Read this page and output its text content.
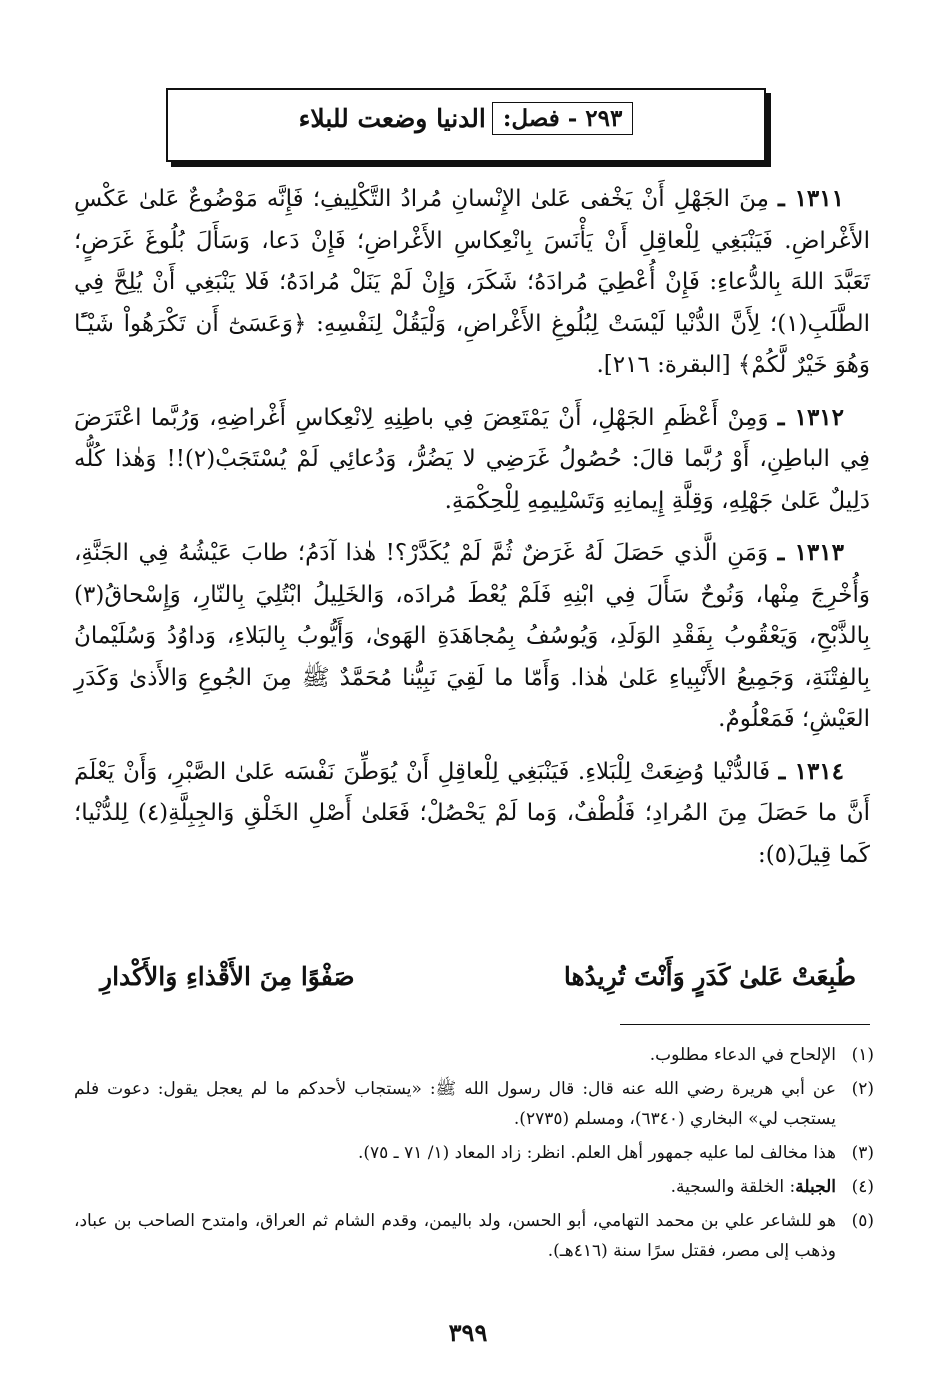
٢٩٣ - فصل:
الدنيا وضعت للبلاء

١٣١١ ـ مِنَ الجَهْلِ أَنْ يَخْفى عَلىٰ الإِنْسانِ مُرادُ التَّكْلِيفِ؛ فَإِنَّه مَوْضُوعٌ عَلىٰ عَكْسِ الأَغْراضِ. فَيَنْبَغِي لِلْعاقِلِ أَنْ يَأْنَسَ بِانْعِكاسِ الأَغْراضِ؛ فَإِنْ دَعا، وَسَأَلَ بُلُوغَ غَرَضٍ؛ تَعَبَّدَ اللهَ بِالدُّعاءِ: فَإِنْ أُعْطِيَ مُرادَهُ؛ شَكَرَ، وَإِنْ لَمْ يَنَلْ مُرادَهُ؛ فَلا يَنْبَغِي أَنْ يُلِحَّ فِي الطَّلَبِ(١)؛ لِأَنَّ الدُّنْيا لَيْسَتْ لِبُلُوغِ الأَغْراضِ، وَلْيَقُلْ لِنَفْسِهِ: ﴿وَعَسَىٰٓ أَن تَكْرَهُواْ شَيْـًٔا وَهُوَ خَيْرٌ لَّكُمْ﴾ [البقرة: ٢١٦].

١٣١٢ ـ وَمِنْ أَعْظَمِ الجَهْلِ، أَنْ يَمْتَعِضَ فِي باطِنِهِ لِانْعِكاسِ أَغْراضِهِ، وَرُبَّما اعْتَرَضَ فِي الباطِنِ، أَوْ رُبَّما قالَ: حُصُولُ غَرَضِي لا يَضُرُّ، وَدُعائِي لَمْ يُسْتَجَبْ(٢)!! وَهٰذا كُلُّه دَلِيلٌ عَلىٰ جَهْلِهِ، وَقِلَّةِ إِيمانِهِ وَتَسْلِيمِهِ لِلْحِكْمَةِ.

١٣١٣ ـ وَمَنِ الَّذي حَصَلَ لَهُ غَرَضٌ ثُمَّ لَمْ يُكَدَّرْ؟! هٰذا آدَمُ؛ طابَ عَيْشُهُ فِي الجَنَّةِ، وَأُخْرِجَ مِنْها، وَنُوحٌ سَأَلَ فِي ابْنِهِ فَلَمْ يُعْطَ مُرادَه، وَالخَلِيلُ ابْتُلِيَ بِالنّارِ، وَإِسْحاقُ(٣) بِالذَّبْحِ، وَيَعْقُوبُ بِفَقْدِ الوَلَدِ، وَيُوسُفُ بِمُجاهَدَةِ الهَوىٰ، وَأَيُّوبُ بِالبَلاءِ، وَداوُدُ وَسُلَيْمانُ بِالفِتْنَةِ، وَجَمِيعُ الأَنْبِياءِ عَلىٰ هٰذا. وَأَمّا ما لَقِيَ نَبِيُّنا مُحَمَّدٌ ﷺ مِنَ الجُوعِ وَالأَذىٰ وَكَدَرِ العَيْشِ؛ فَمَعْلُومٌ.

١٣١٤ ـ فَالدُّنْيا وُضِعَتْ لِلْبَلاءِ. فَيَنْبَغِي لِلْعاقِلِ أَنْ يُوَطِّنَ نَفْسَه عَلىٰ الصَّبْرِ، وَأَنْ يَعْلَمَ أَنَّ ما حَصَلَ مِنَ المُرادِ؛ فَلُطْفٌ، وَما لَمْ يَحْصُلْ؛ فَعَلىٰ أَصْلِ الخَلْقِ وَالجِبِلَّةِ(٤) لِلدُّنْيا؛ كَما قِيلَ(٥):

طُبِعَتْ عَلىٰ كَدَرٍ وَأَنْتَ تُرِيدُها
صَفْوًا مِنَ الأَقْذاءِ وَالأَكْدارِ
(١)
الإلحاح في الدعاء مطلوب.
(٢)
عن أبي هريرة رضي الله عنه قال: قال رسول الله ﷺ: «يستجاب لأحدكم ما لم يعجل يقول: دعوت فلم يستجب لي» البخاري (٦٣٤٠)، ومسلم (٢٧٣٥).
(٣)
هذا مخالف لما عليه جمهور أهل العلم. انظر: زاد المعاد (١/ ٧١ ـ ٧٥).
(٤)
الجبلة: الخلقة والسجية.
(٥)
هو للشاعر علي بن محمد التهامي، أبو الحسن، ولد باليمن، وقدم الشام ثم العراق، وامتدح الصاحب بن عباد، وذهب إلى مصر، فقتل سرًا سنة (٤١٦هـ).
٣٩٩
